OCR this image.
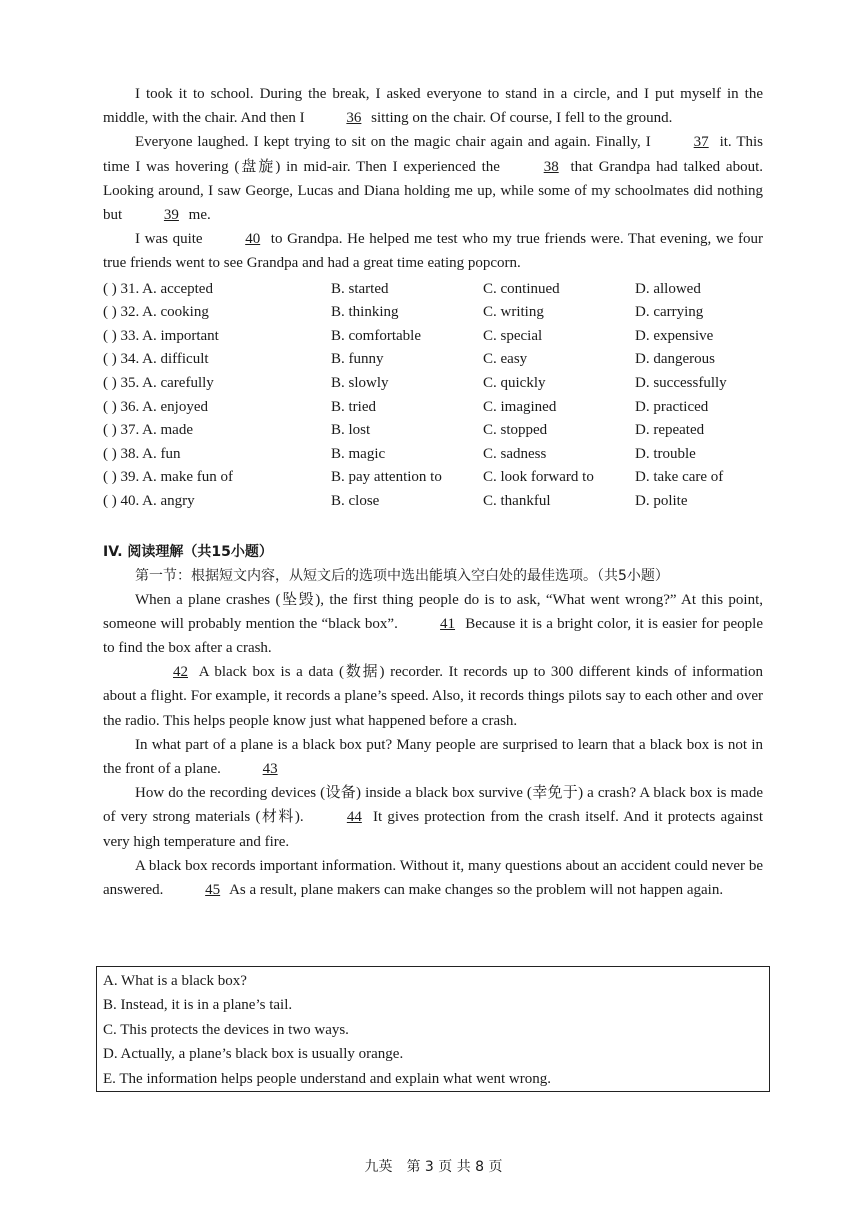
I took it to school. During the break, I asked everyone to stand in a circle, and I put myself in the middle, with the chair. And then I	36 sitting on the chair. Of course, I fell to the ground.

Everyone laughed. I kept trying to sit on the magic chair again and again. Finally, I	37 it. This time I was hovering (盘旋) in mid-air. Then I experienced the	38 that Grandpa had talked about. Looking around, I saw George, Lucas and Diana holding me up, while some of my schoolmates did nothing but	39 me.

I was quite	40 to Grandpa. He helped me test who my true friends were. That evening, we four true friends went to see Grandpa and had a great time eating popcorn.

( ) 31. A. accepted	B. started	C. continued	D. allowed
( ) 32. A. cooking	B. thinking	C. writing	D. carrying
( ) 33. A. important	B. comfortable	C. special	D. expensive
( ) 34. A. difficult	B. funny	C. easy	D. dangerous
( ) 35. A. carefully	B. slowly	C. quickly	D. successfully
( ) 36. A. enjoyed	B. tried	C. imagined	D. practiced
( ) 37. A. made	B. lost	C. stopped	D. repeated
( ) 38. A. fun	B. magic	C. sadness	D. trouble
( ) 39. A. make fun of	B. pay attention to	C. look forward to	D. take care of
( ) 40. A. angry	B. close	C. thankful	D. polite
IV. 阅读理解（共15小题）
第一节：根据短文内容，从短文后的选项中选出能填入空白处的最佳选项。（共5小题）

When a plane crashes (坠毁), the first thing people do is to ask, “What went wrong?” At this point, someone will probably mention the “black box”.	41 Because it is a bright color, it is easier for people to find the box after a crash.

42 A black box is a data (数据) recorder. It records up to 300 different kinds of information about a flight. For example, it records a plane’s speed. Also, it records things pilots say to each other and over the radio. This helps people know just what happened before a crash.

In what part of a plane is a black box put? Many people are surprised to learn that a black box is not in the front of a plane.	43

How do the recording devices (设备) inside a black box survive (幸免于) a crash? A black box is made of very strong materials (材料).	44 It gives protection from the crash itself. And it protects against very high temperature and fire.

A black box records important information. Without it, many questions about an accident could never be answered.	45 As a result, plane makers can make changes so the problem will not happen again.

A. What is a black box?
B. Instead, it is in a plane’s tail.
C. This protects the devices in two ways.
D. Actually, a plane’s black box is usually orange.
E. The information helps people understand and explain what went wrong.
九英　第 3 页 共 8 页
